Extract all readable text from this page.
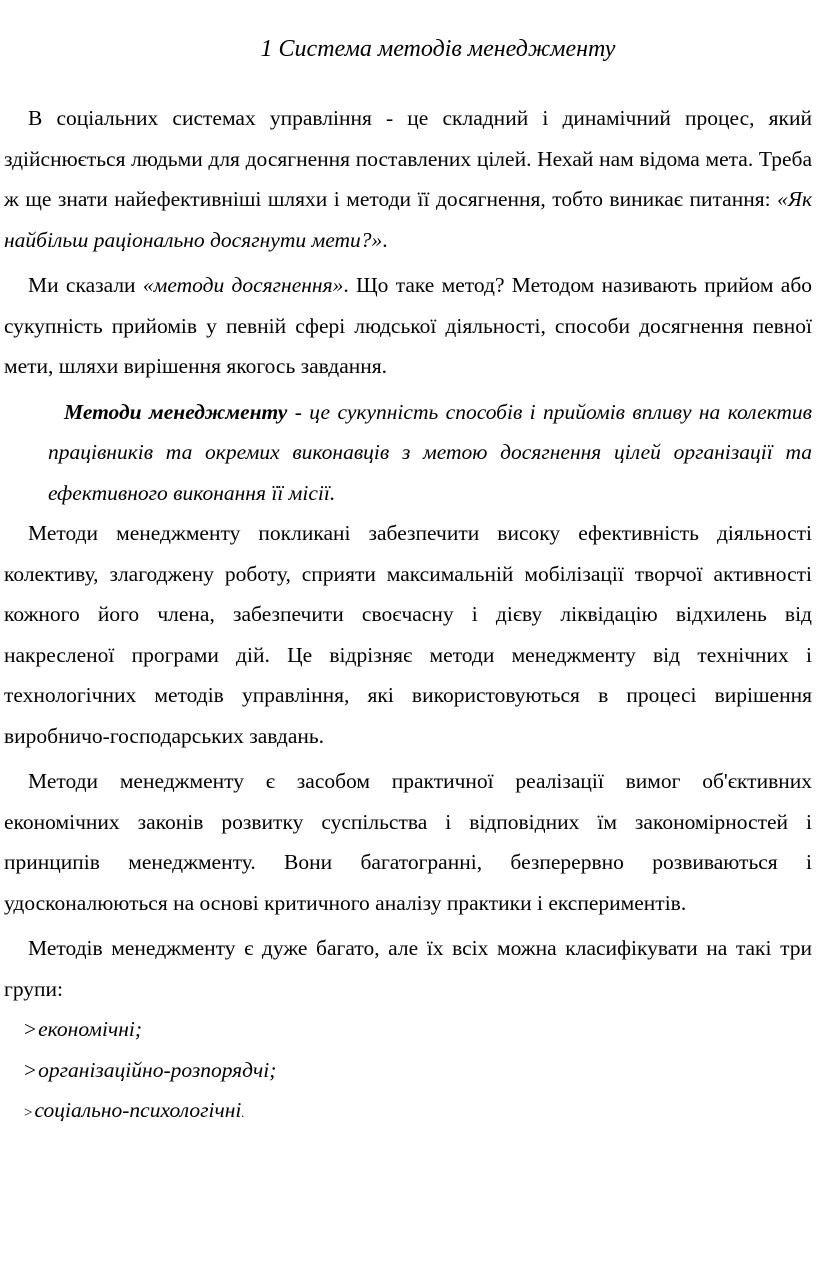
1 Система методів менеджменту

В соціальних системах управління - це складний і динамічний процес, який здійснюється людьми для досягнення поставлених цілей. Нехай нам відома мета. Треба ж ще знати найефективніші шляхи і методи її досягнення, тобто виникає питання: «Як найбільш раціонально досягнути мети?».

Ми сказали «методи досягнення». Що таке метод? Методом називають прийом або сукупність прийомів у певній сфері людської діяльності, способи досягнення певної мети, шляхи вирішення якогось завдання.

Методи менеджменту - це сукупність способів і прийомів впливу на колектив працівників та окремих виконавців з метою досягнення цілей організації та ефективного виконання її місії.

Методи менеджменту покликані забезпечити високу ефективність діяльності колективу, злагоджену роботу, сприяти максимальній мобілізації творчої активності кожного його члена, забезпечити своєчасну і дієву ліквідацію відхилень від накресленої програми дій. Це відрізняє методи менеджменту від технічних і технологічних методів управління, які використовуються в процесі вирішення виробничо-господарських завдань.

Методи менеджменту є засобом практичної реалізації вимог об'єктивних економічних законів розвитку суспільства і відповідних їм закономірностей і принципів менеджменту. Вони багатогранні, безперервно розвиваються і удосконалюються на основі критичного аналізу практики і експериментів.

Методів менеджменту є дуже багато, але їх всіх можна класифікувати на такі три групи:

>економічні;
>організаційно-розпорядчі;
>соціально-психологічні.
